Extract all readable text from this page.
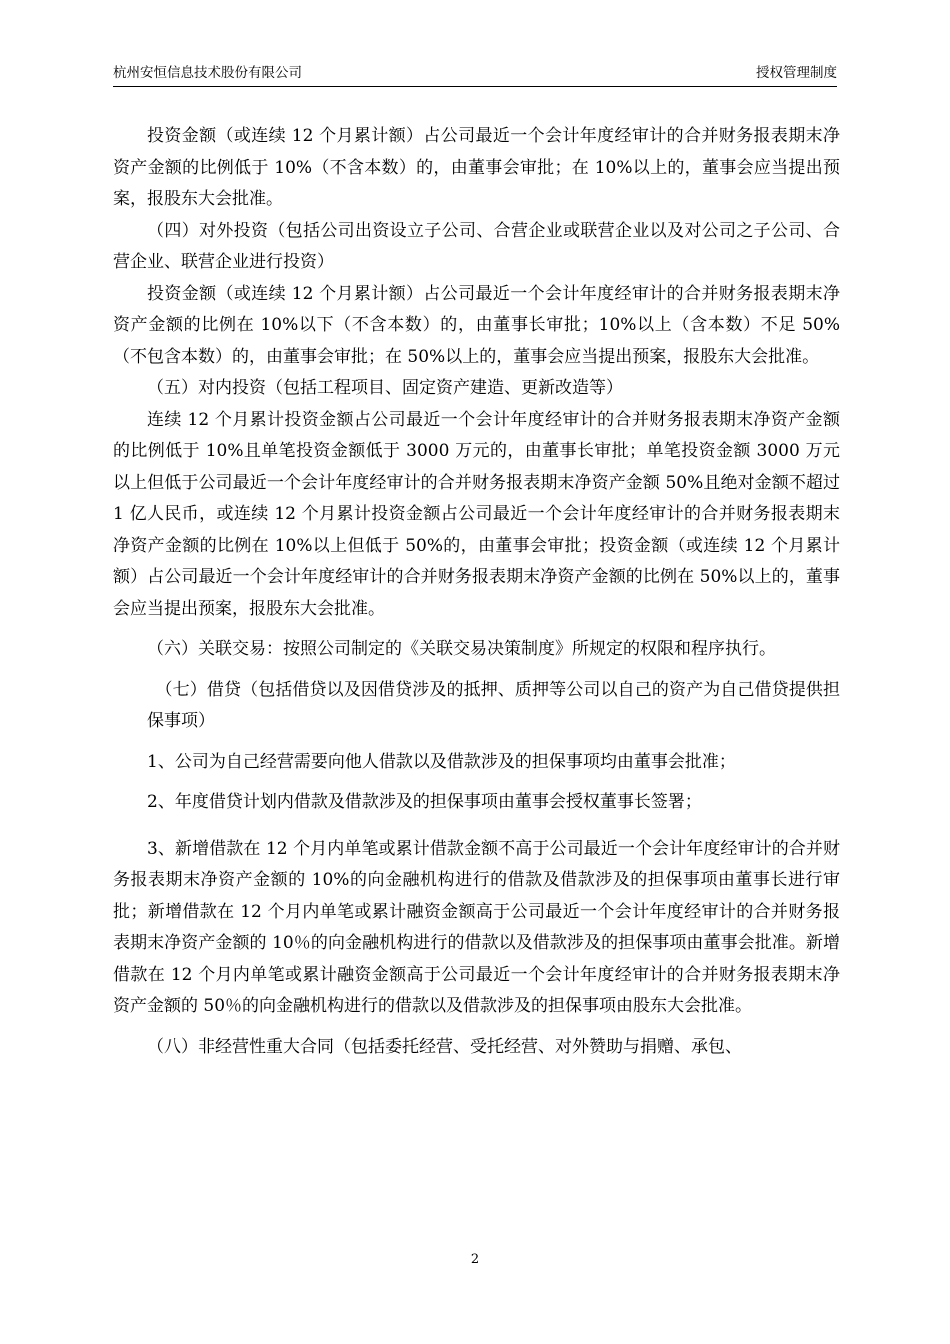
杭州安恒信息技术股份有限公司	授权管理制度

投资金额（或连续 12 个月累计额）占公司最近一个会计年度经审计的合并财务报表期末净资产金额的比例低于 10%（不含本数）的，由董事会审批；在 10%以上的，董事会应当提出预案，报股东大会批准。

（四）对外投资（包括公司出资设立子公司、合营企业或联营企业以及对公司之子公司、合营企业、联营企业进行投资）

投资金额（或连续 12 个月累计额）占公司最近一个会计年度经审计的合并财务报表期末净资产金额的比例在 10%以下（不含本数）的，由董事长审批；10%以上（含本数）不足 50%（不包含本数）的，由董事会审批；在 50%以上的，董事会应当提出预案，报股东大会批准。

（五）对内投资（包括工程项目、固定资产建造、更新改造等）

连续 12 个月累计投资金额占公司最近一个会计年度经审计的合并财务报表期末净资产金额的比例低于 10%且单笔投资金额低于 3000 万元的，由董事长审批；单笔投资金额 3000 万元以上但低于公司最近一个会计年度经审计的合并财务报表期末净资产金额 50%且绝对金额不超过 1 亿人民币，或连续 12 个月累计投资金额占公司最近一个会计年度经审计的合并财务报表期末净资产金额的比例在 10%以上但低于 50%的，由董事会审批；投资金额（或连续 12 个月累计额）占公司最近一个会计年度经审计的合并财务报表期末净资产金额的比例在 50%以上的，董事会应当提出预案，报股东大会批准。

（六）关联交易：按照公司制定的《关联交易决策制度》所规定的权限和程序执行。

（七）借贷（包括借贷以及因借贷涉及的抵押、质押等公司以自己的资产为自己借贷提供担保事项）

1、公司为自己经营需要向他人借款以及借款涉及的担保事项均由董事会批准；

2、年度借贷计划内借款及借款涉及的担保事项由董事会授权董事长签署；

3、新增借款在 12 个月内单笔或累计借款金额不高于公司最近一个会计年度经审计的合并财务报表期末净资产金额的 10%的向金融机构进行的借款及借款涉及的担保事项由董事长进行审批；新增借款在 12 个月内单笔或累计融资金额高于公司最近一个会计年度经审计的合并财务报表期末净资产金额的 10％的向金融机构进行的借款以及借款涉及的担保事项由董事会批准。新增借款在 12 个月内单笔或累计融资金额高于公司最近一个会计年度经审计的合并财务报表期末净资产金额的 50％的向金融机构进行的借款以及借款涉及的担保事项由股东大会批准。

（八）非经营性重大合同（包括委托经营、受托经营、对外赞助与捐赠、承包、

2
